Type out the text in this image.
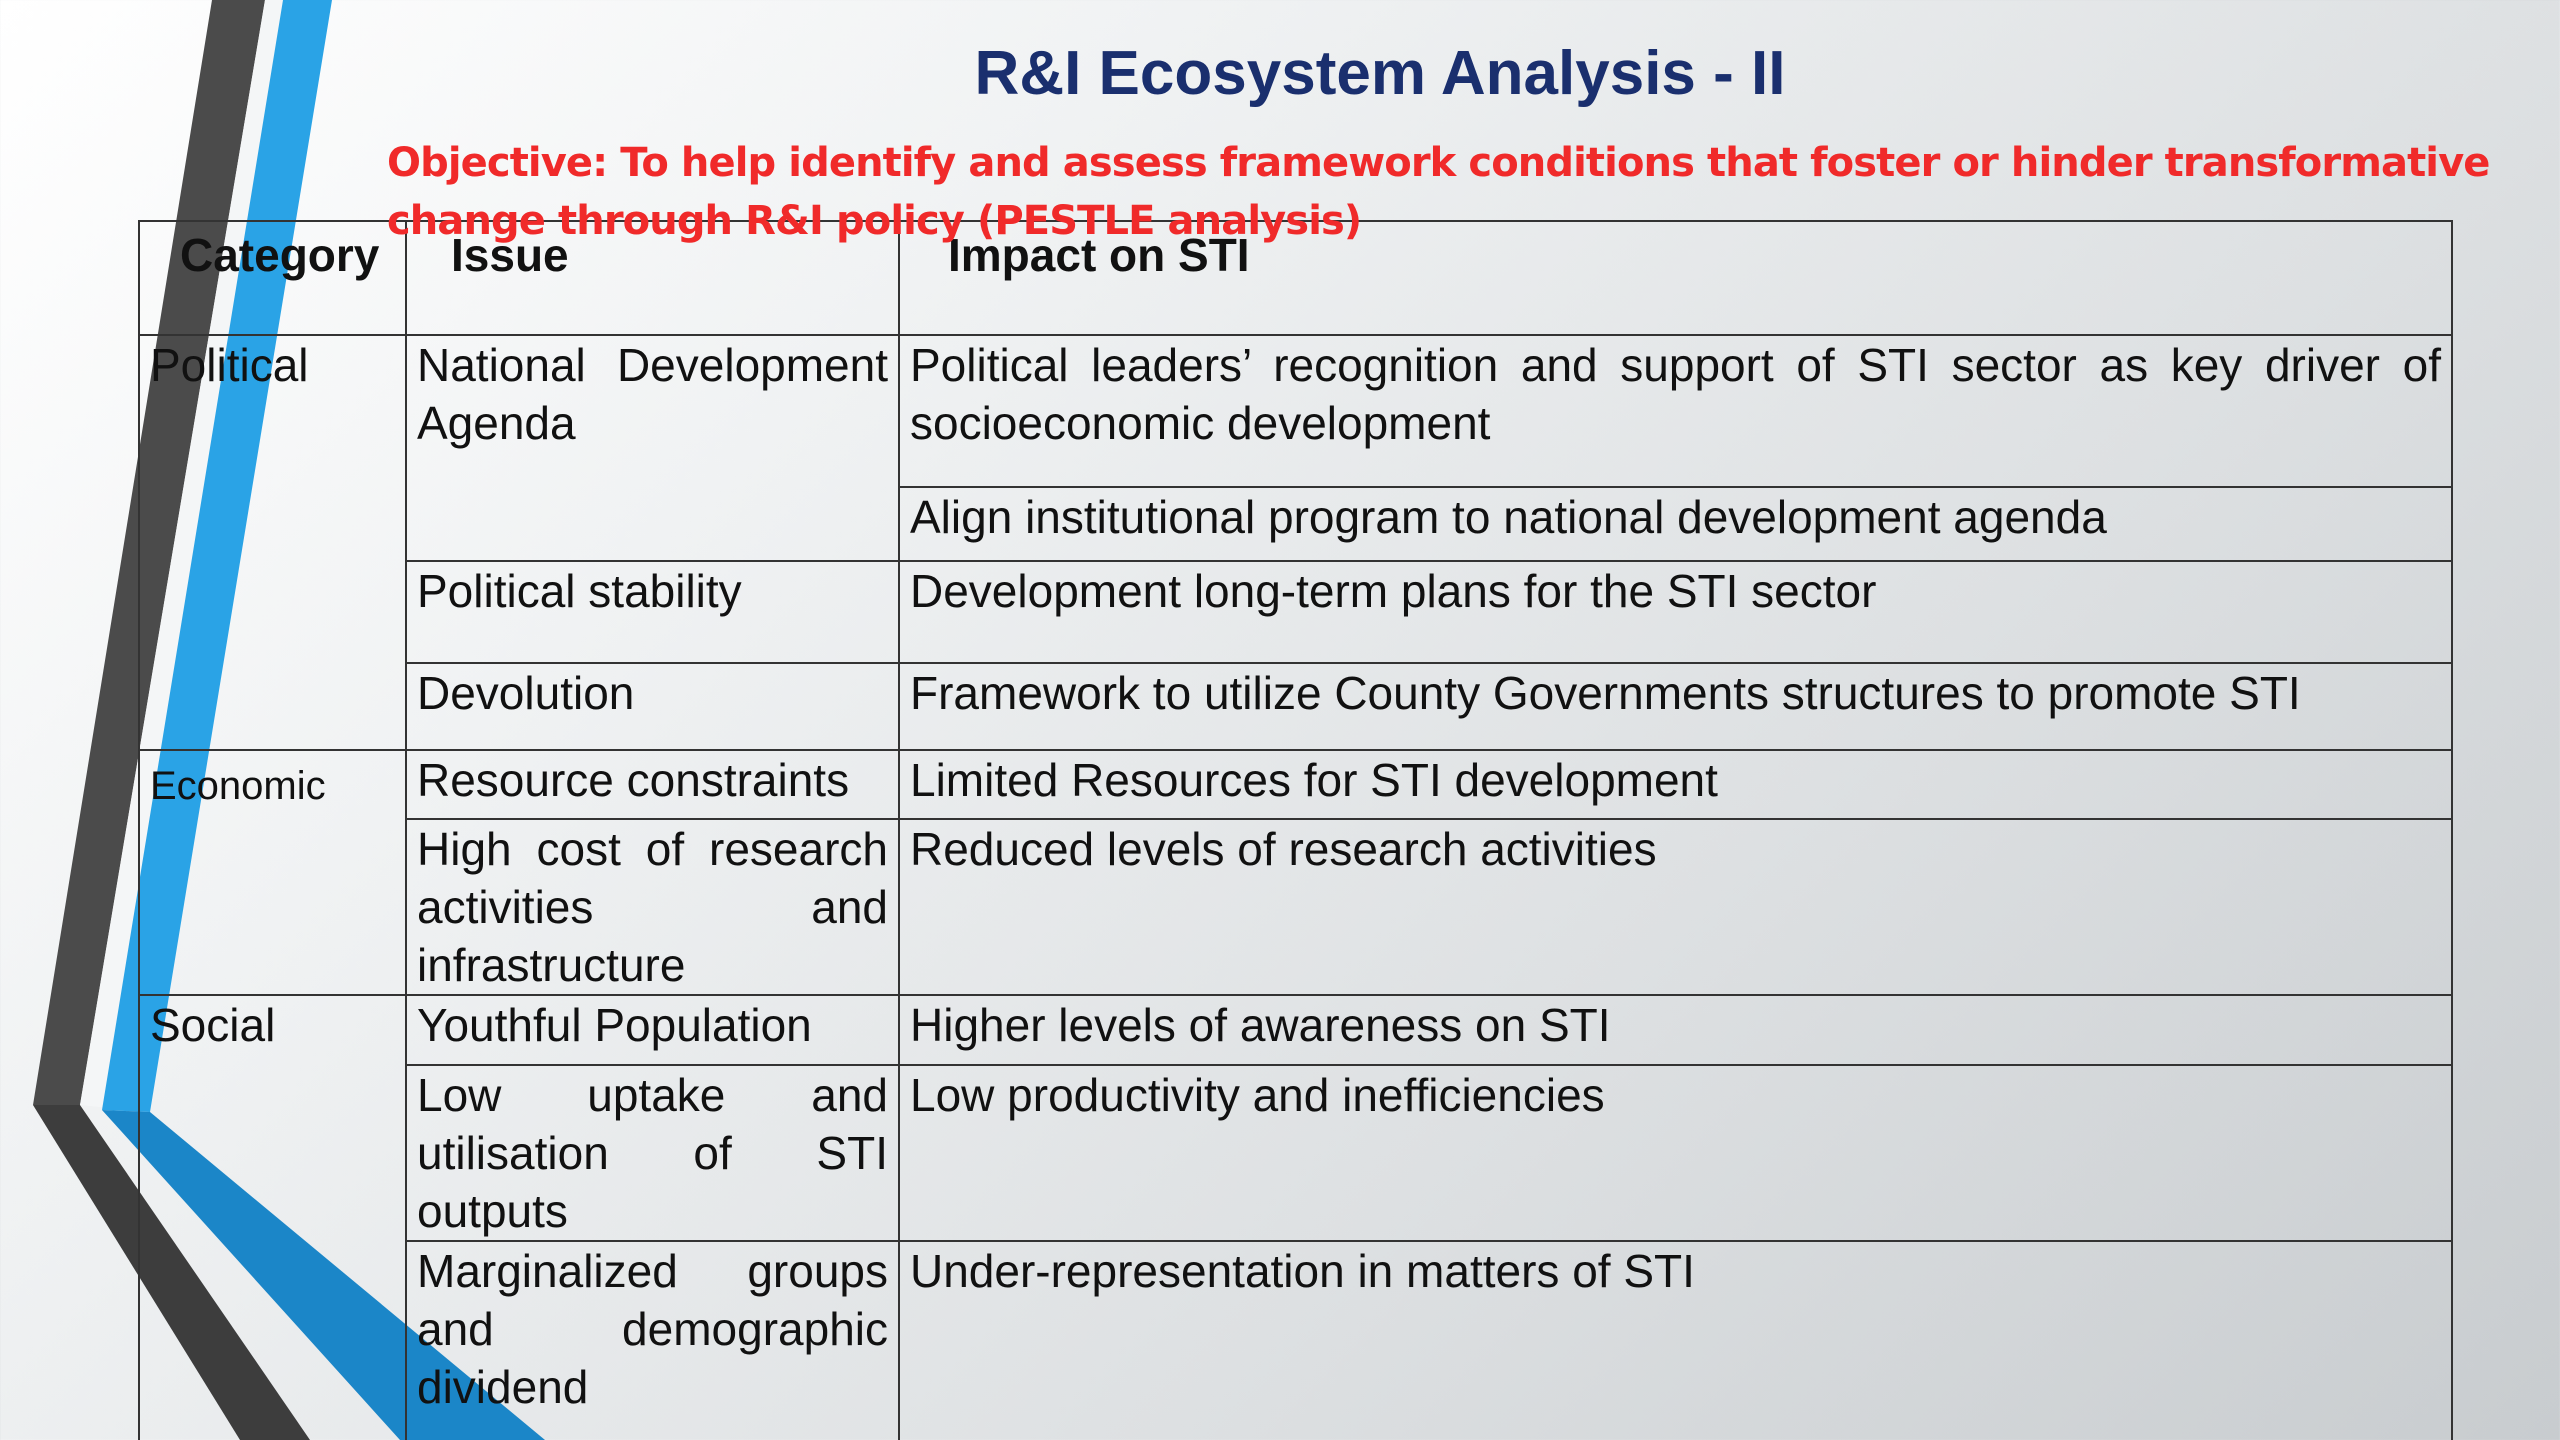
R&I Ecosystem Analysis - II

Objective: To help identify and assess framework conditions that foster or hinder transformative change through R&I policy (PESTLE analysis)

Category	Issue	Impact on STI
Political	National Development Agenda	Political leaders’ recognition and support of STI sector as key driver of socioeconomic development
		Align institutional program to national development agenda
	Political stability	Development long-term plans for the STI sector
	Devolution	Framework to utilize County Governments structures to promote STI
Economic	Resource constraints	Limited Resources for STI development
	High cost of research activities and infrastructure	Reduced levels of research activities
Social	Youthful Population	Higher levels of awareness on STI
	Low uptake and utilisation of STI outputs	Low productivity and inefficiencies
	Marginalized groups and demographic dividend	Under-representation in matters of STI
